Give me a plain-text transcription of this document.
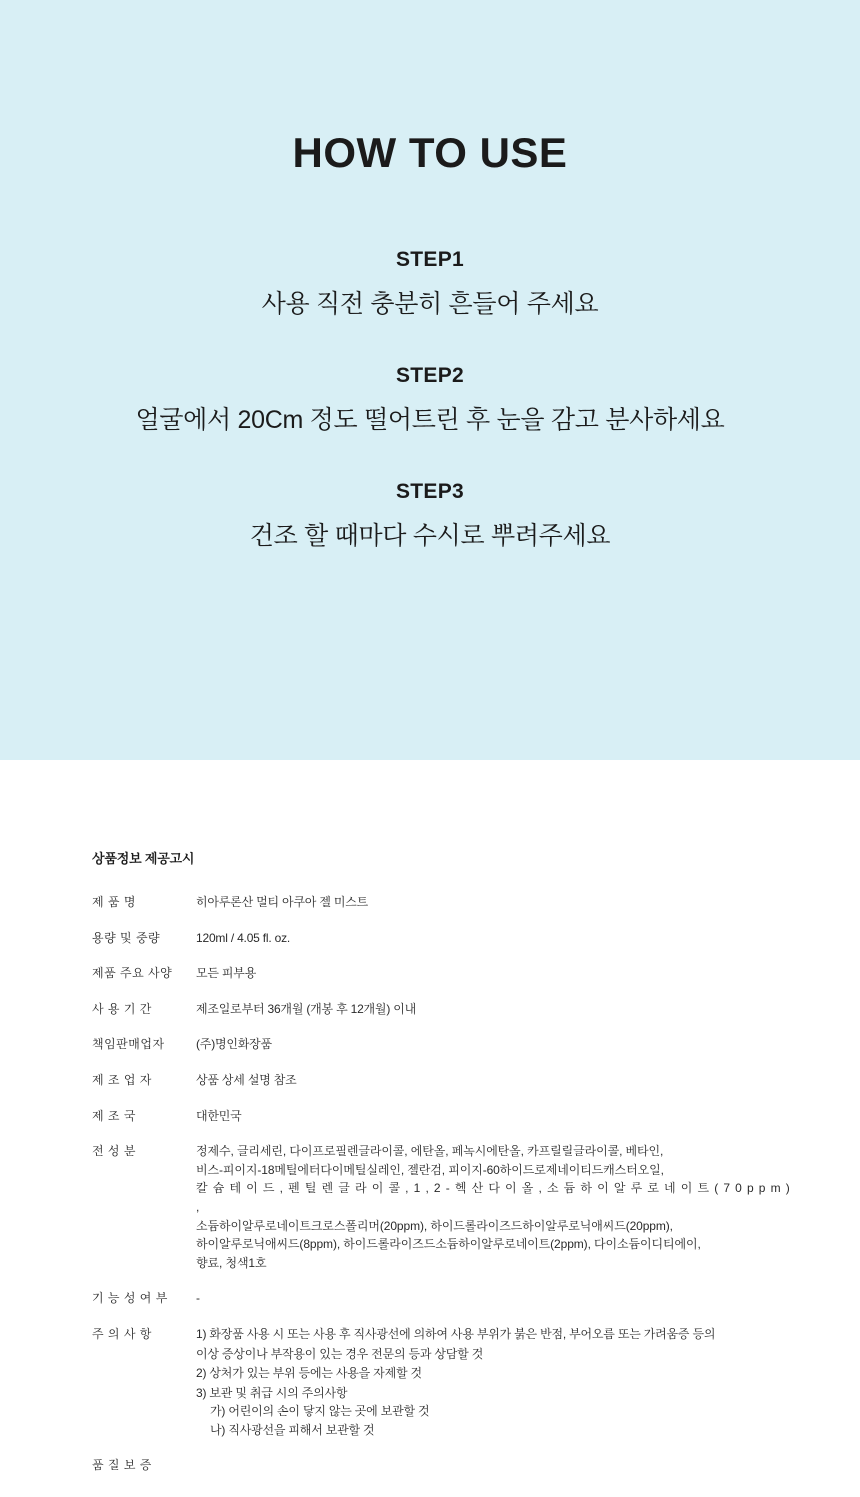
HOW TO USE
STEP1
사용 직전 충분히 흔들어 주세요
STEP2
얼굴에서 20Cm 정도 떨어트린 후 눈을 감고 분사하세요
STEP3
건조 할 때마다 수시로 뿌려주세요
상품정보 제공고시
제 품 명	히아루론산 멀티 아쿠아 젤 미스트
용량 및 중량	120ml / 4.05 fl. oz.
제품 주요 사양	모든 피부용
사 용 기 간	제조일로부터 36개월 (개봉 후 12개월) 이내
책임판매업자	(주)명인화장품
제 조 업 자	상품 상세 설명 참조
제 조 국	대한민국
전 성 분	정제수, 글리세린, 다이프로필렌글라이콜, 에탄올, 페녹시에탄올, 카프릴릴글라이콜, 베타인,
비스-피이지-18메틸에터다이메틸실레인, 젤란검, 피이지-60하이드로제네이티드캐스터오일,
칼 슘 테 이 드 , 펜 틸 렌 글 라 이 콜 , 1 , 2 - 헥 산 다 이 올 , 소 듐 하 이 알 루 로 네 이 트 ( 7 0 p p m ) ,
소듐하이알루로네이트크로스폴리머(20ppm), 하이드롤라이즈드하이알루로닉애씨드(20ppm),
하이알루로닉애씨드(8ppm), 하이드롤라이즈드소듐하이알루로네이트(2ppm), 다이소듐이디티에이,
향료, 청색1호

기 능 성 여 부	-
주 의 사 항	1) 화장품 사용 시 또는 사용 후 직사광선에 의하여 사용 부위가 붉은 반점, 부어오름 또는 가려움증 등의
이상 증상이나 부작용이 있는 경우 전문의 등과 상담할 것
2) 상처가 있는 부위 등에는 사용을 자제할 것
3) 보관 및 취급 시의 주의사항
가) 어린이의 손이 닿지 않는 곳에 보관할 것
나) 직사광선을 피해서 보관할 것

품 질 보 증	
